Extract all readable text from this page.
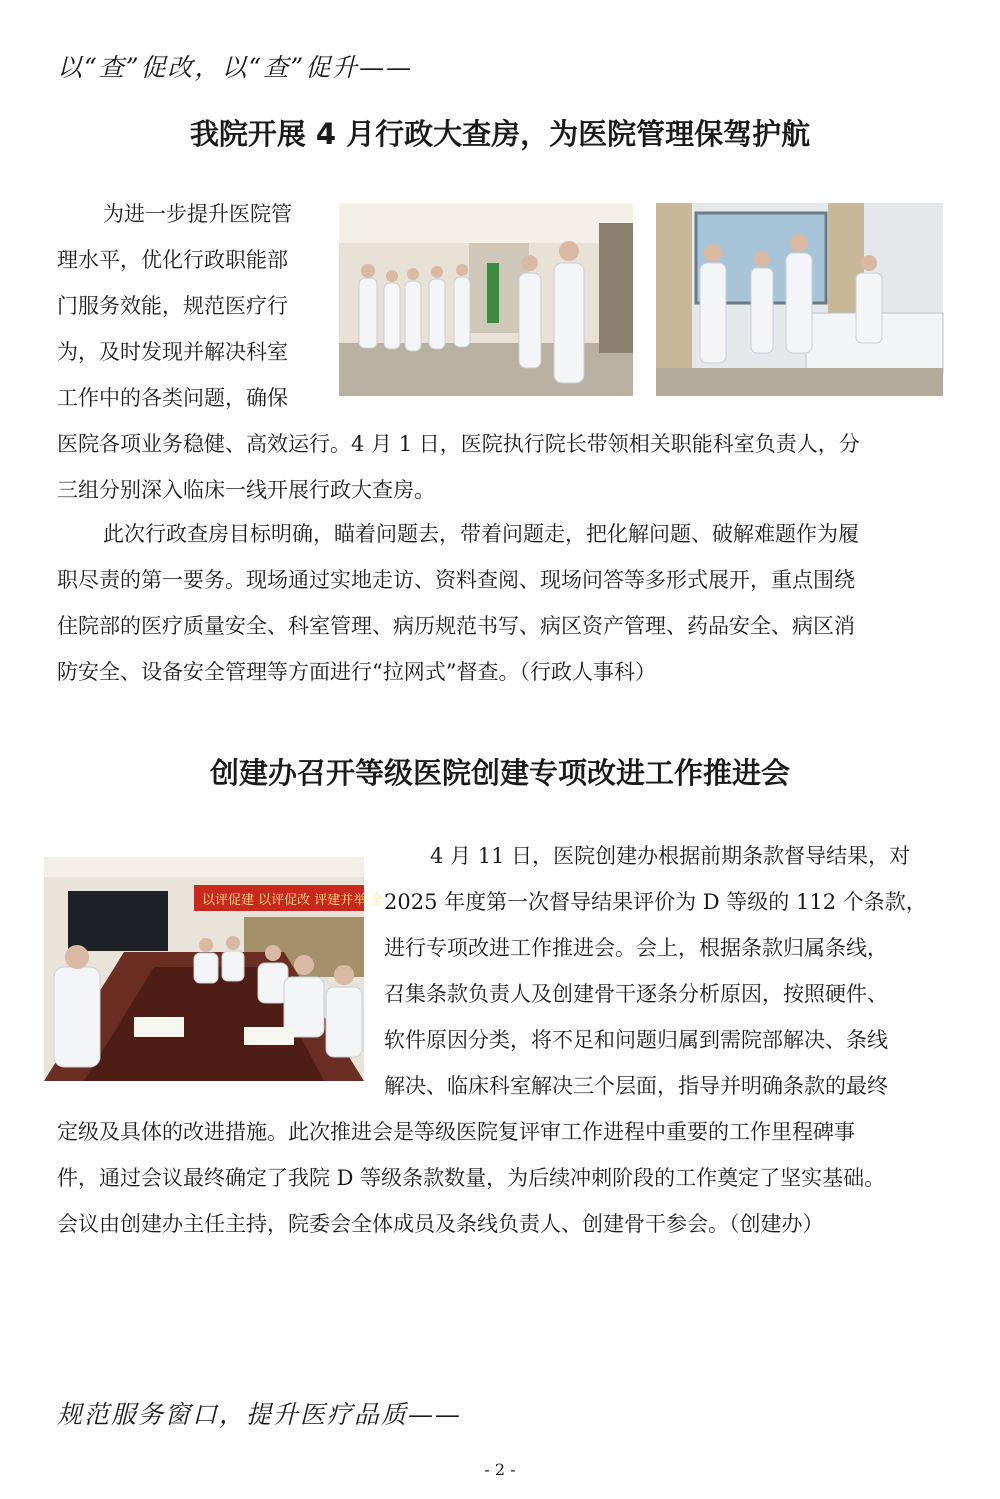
以“查”促改，以“查”促升——
我院开展 4 月行政大查房，为医院管理保驾护航
为进一步提升医院管
理水平，优化行政职能部
门服务效能，规范医疗行
为，及时发现并解决科室
工作中的各类问题，确保
医院各项业务稳健、高效运行。4 月 1 日，医院执行院长带领相关职能科室负责人，分
三组分别深入临床一线开展行政大查房。
此次行政查房目标明确，瞄着问题去，带着问题走，把化解问题、破解难题作为履
职尽责的第一要务。现场通过实地走访、资料查阅、现场问答等多形式展开，重点围绕
住院部的医疗质量安全、科室管理、病历规范书写、病区资产管理、药品安全、病区消
防安全、设备安全管理等方面进行“拉网式”督查。（行政人事科）
创建办召开等级医院创建专项改进工作推进会
以评促建 以评促改 评建并举 全
4 月 11 日，医院创建办根据前期条款督导结果，对
2025 年度第一次督导结果评价为 D 等级的 112 个条款，
进行专项改进工作推进会。会上，根据条款归属条线，
召集条款负责人及创建骨干逐条分析原因，按照硬件、
软件原因分类，将不足和问题归属到需院部解决、条线
解决、临床科室解决三个层面，指导并明确条款的最终
定级及具体的改进措施。此次推进会是等级医院复评审工作进程中重要的工作里程碑事
件，通过会议最终确定了我院 D 等级条款数量，为后续冲刺阶段的工作奠定了坚实基础。
会议由创建办主任主持，院委会全体成员及条线负责人、创建骨干参会。（创建办）
规范服务窗口，提升医疗品质——
- 2 -
